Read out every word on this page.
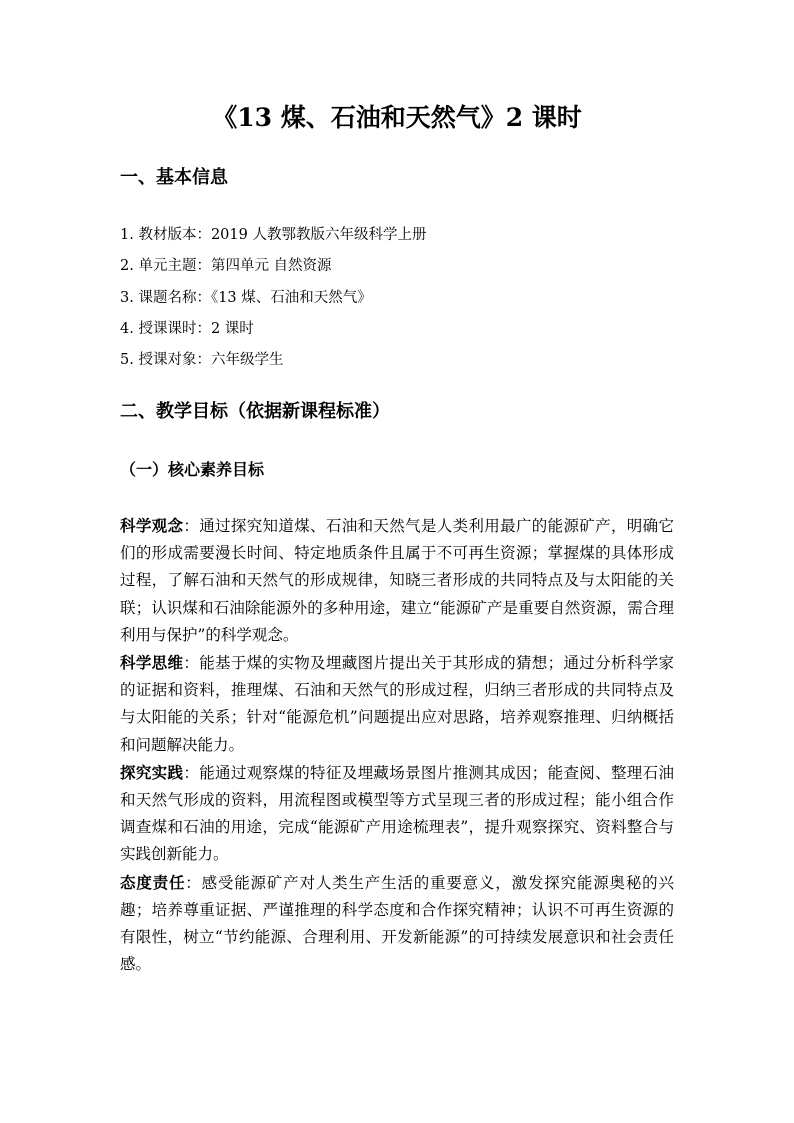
《13 煤、石油和天然气》2 课时
一、基本信息
1. 教材版本：2019 人教鄂教版六年级科学上册
2. 单元主题：第四单元 自然资源
3. 课题名称：《13 煤、石油和天然气》
4. 授课课时：2 课时
5. 授课对象：六年级学生
二、教学目标（依据新课程标准）
（一）核心素养目标

科学观念：通过探究知道煤、石油和天然气是人类利用最广的能源矿产，明确它们的形成需要漫长时间、特定地质条件且属于不可再生资源；掌握煤的具体形成过程，了解石油和天然气的形成规律，知晓三者形成的共同特点及与太阳能的关联；认识煤和石油除能源外的多种用途，建立“能源矿产是重要自然资源，需合理利用与保护”的科学观念。

科学思维：能基于煤的实物及埋藏图片提出关于其形成的猜想；通过分析科学家的证据和资料，推理煤、石油和天然气的形成过程，归纳三者形成的共同特点及与太阳能的关系；针对“能源危机”问题提出应对思路，培养观察推理、归纳概括和问题解决能力。

探究实践：能通过观察煤的特征及埋藏场景图片推测其成因；能查阅、整理石油和天然气形成的资料，用流程图或模型等方式呈现三者的形成过程；能小组合作调查煤和石油的用途，完成“能源矿产用途梳理表”，提升观察探究、资料整合与实践创新能力。

态度责任：感受能源矿产对人类生产生活的重要意义，激发探究能源奥秘的兴趣；培养尊重证据、严谨推理的科学态度和合作探究精神；认识不可再生资源的有限性，树立“节约能源、合理利用、开发新能源”的可持续发展意识和社会责任感。
